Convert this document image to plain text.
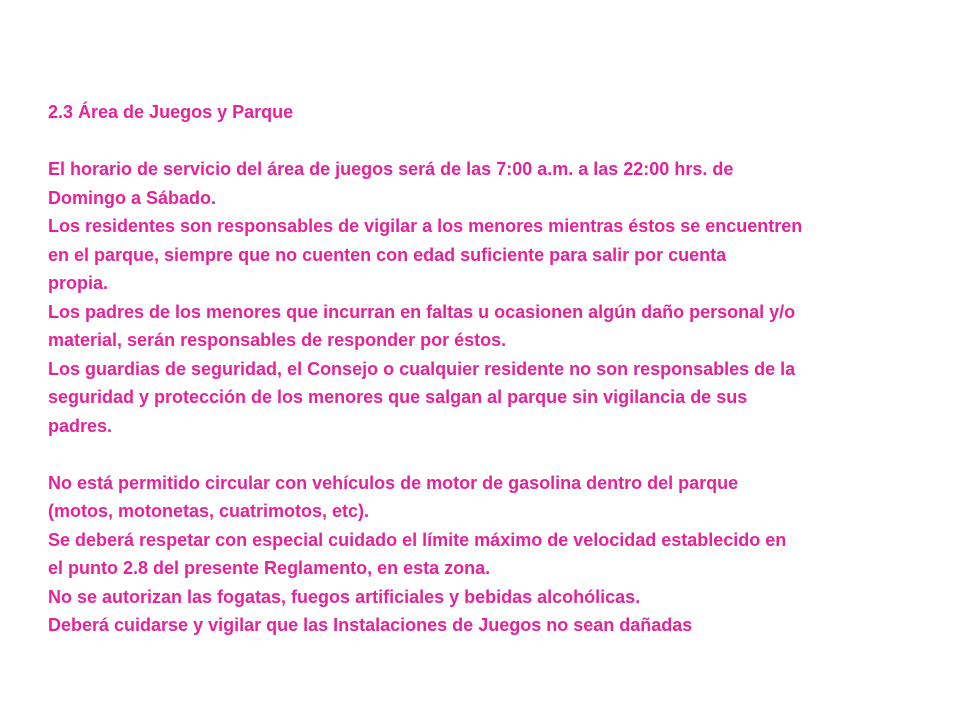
2.3 Área de Juegos y Parque
El horario de servicio del área de juegos será de las 7:00 a.m. a las 22:00 hrs. de
Domingo a Sábado.
Los residentes son responsables de vigilar a los menores mientras éstos se encuentren
en el parque, siempre que no cuenten con edad suficiente para salir por cuenta
propia.
Los padres de los menores que incurran en faltas u ocasionen algún daño personal y/o
material, serán responsables de responder por éstos.
Los guardias de seguridad, el Consejo o cualquier residente no son responsables de la
seguridad y protección de los menores que salgan al parque sin vigilancia de sus
padres.
No está permitido circular con vehículos de motor de gasolina dentro del parque
(motos, motonetas, cuatrimotos, etc).
Se deberá respetar con especial cuidado el límite máximo de velocidad establecido en
el punto 2.8 del presente Reglamento, en esta zona.
No se autorizan las fogatas, fuegos artificiales y bebidas alcohólicas.
Deberá cuidarse y vigilar que las Instalaciones de Juegos no sean dañadas
